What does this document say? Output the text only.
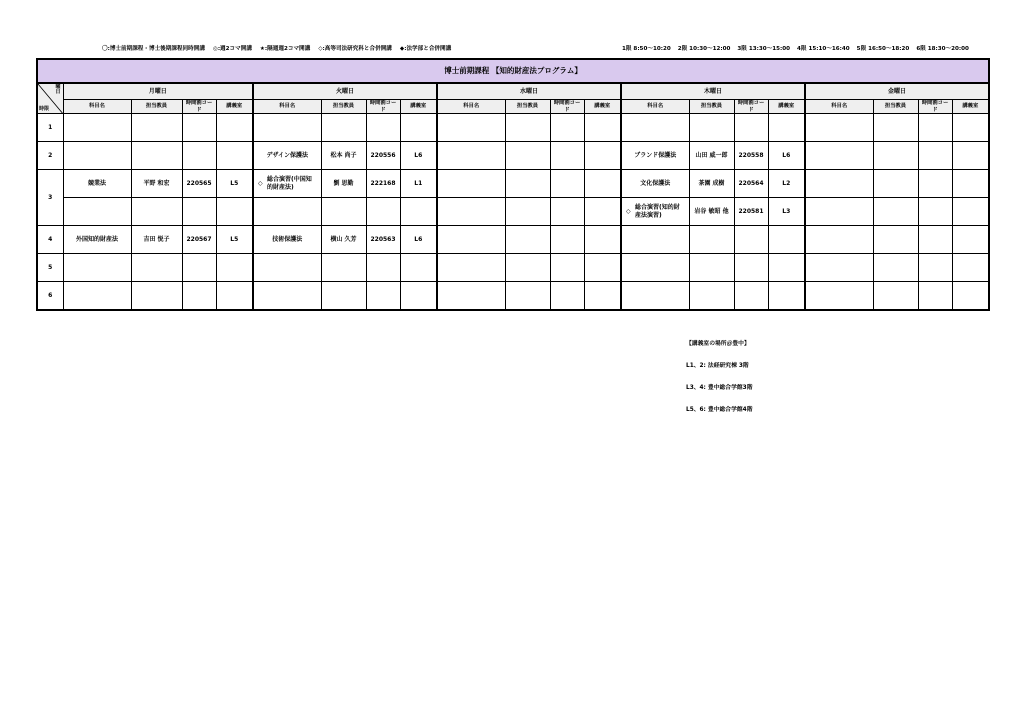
〇:博士前期課程・博士後期課程同時開講 ◎:週2コマ開講 ★:隔週週2コマ開講 ◇:高等司法研究科と合併開講 ◆:法学部と合併開講	1限 8:50〜10:20 2限 10:30〜12:00 3限 13:30〜15:00 4限 15:10〜16:40 5限 16:50〜18:20 6限 18:30〜20:00
博士前期課程 【知的財産法プログラム】																				

曜
日
時限	月曜日				火曜日				水曜日				木曜日				金曜日			
	科目名	担当教員	時間割コード	講義室	科目名	担当教員	時間割コード	講義室	科目名	担当教員	時間割コード	講義室	科目名	担当教員	時間割コード	講義室	科目名	担当教員	時間割コード	講義室
1																				
2					デザイン保護法	松本 尚子	220556	L6					ブランド保護法	山田 威一郎	220558	L6				
3	競業法	平野 和宏	220565	L5	◇総合演習(中国知的財産法)	劉 思勤	222168	L1					文化保護法	茶園 成樹	220564	L2				
													◇総合演習(知的財産法演習)	岩谷 敏昭 他	220581	L3				
4	外国知的財産法	吉田 悦子	220567	L5	技術保護法	横山 久芳	220563	L6												
5																				
6																				
【講義室の場所＠豊中】
L1、2: 法経研究棟 3階
L3、4: 豊中総合学館3階
L5、6: 豊中総合学館4階
